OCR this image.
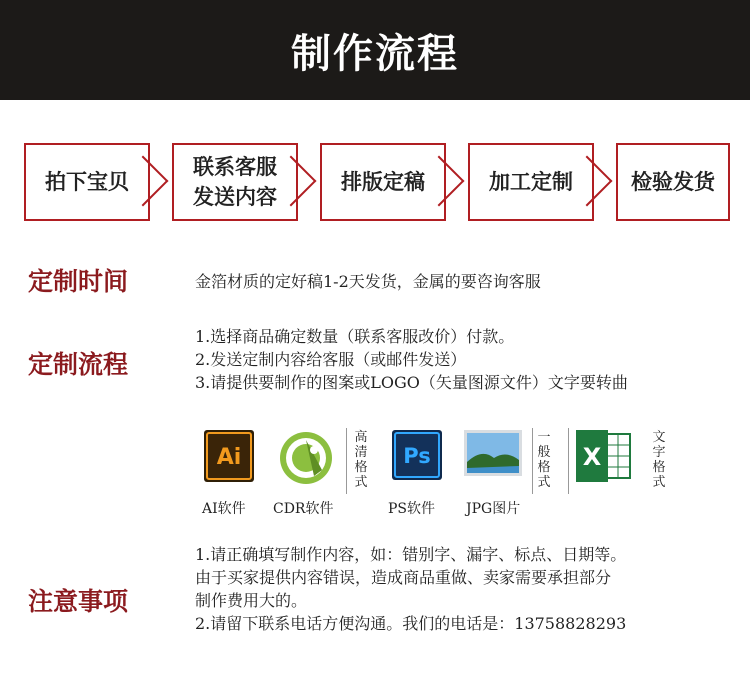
制作流程
拍下宝贝
联系客服
发送内容
排版定稿	加工定制	检验发货
定制时间	金箔材质的定好稿1-2天发货，金属的要咨询客服
定制流程
1.选择商品确定数量（联系客服改价）付款。
2.发送定制内容给客服（或邮件发送）
3.请提供要制作的图案或LOGO（矢量图源文件）文字要转曲
Ai
AI软件 CDR软件
高清格式
Ps
PS软件 JPG图片
一般格式
X
文字格式
注意事项
1.请正确填写制作内容，如：错别字、漏字、标点、日期等。
由于买家提供内容错误，造成商品重做、卖家需要承担部分
制作费用大的。
2.请留下联系电话方便沟通。我们的电话是：13758828293
